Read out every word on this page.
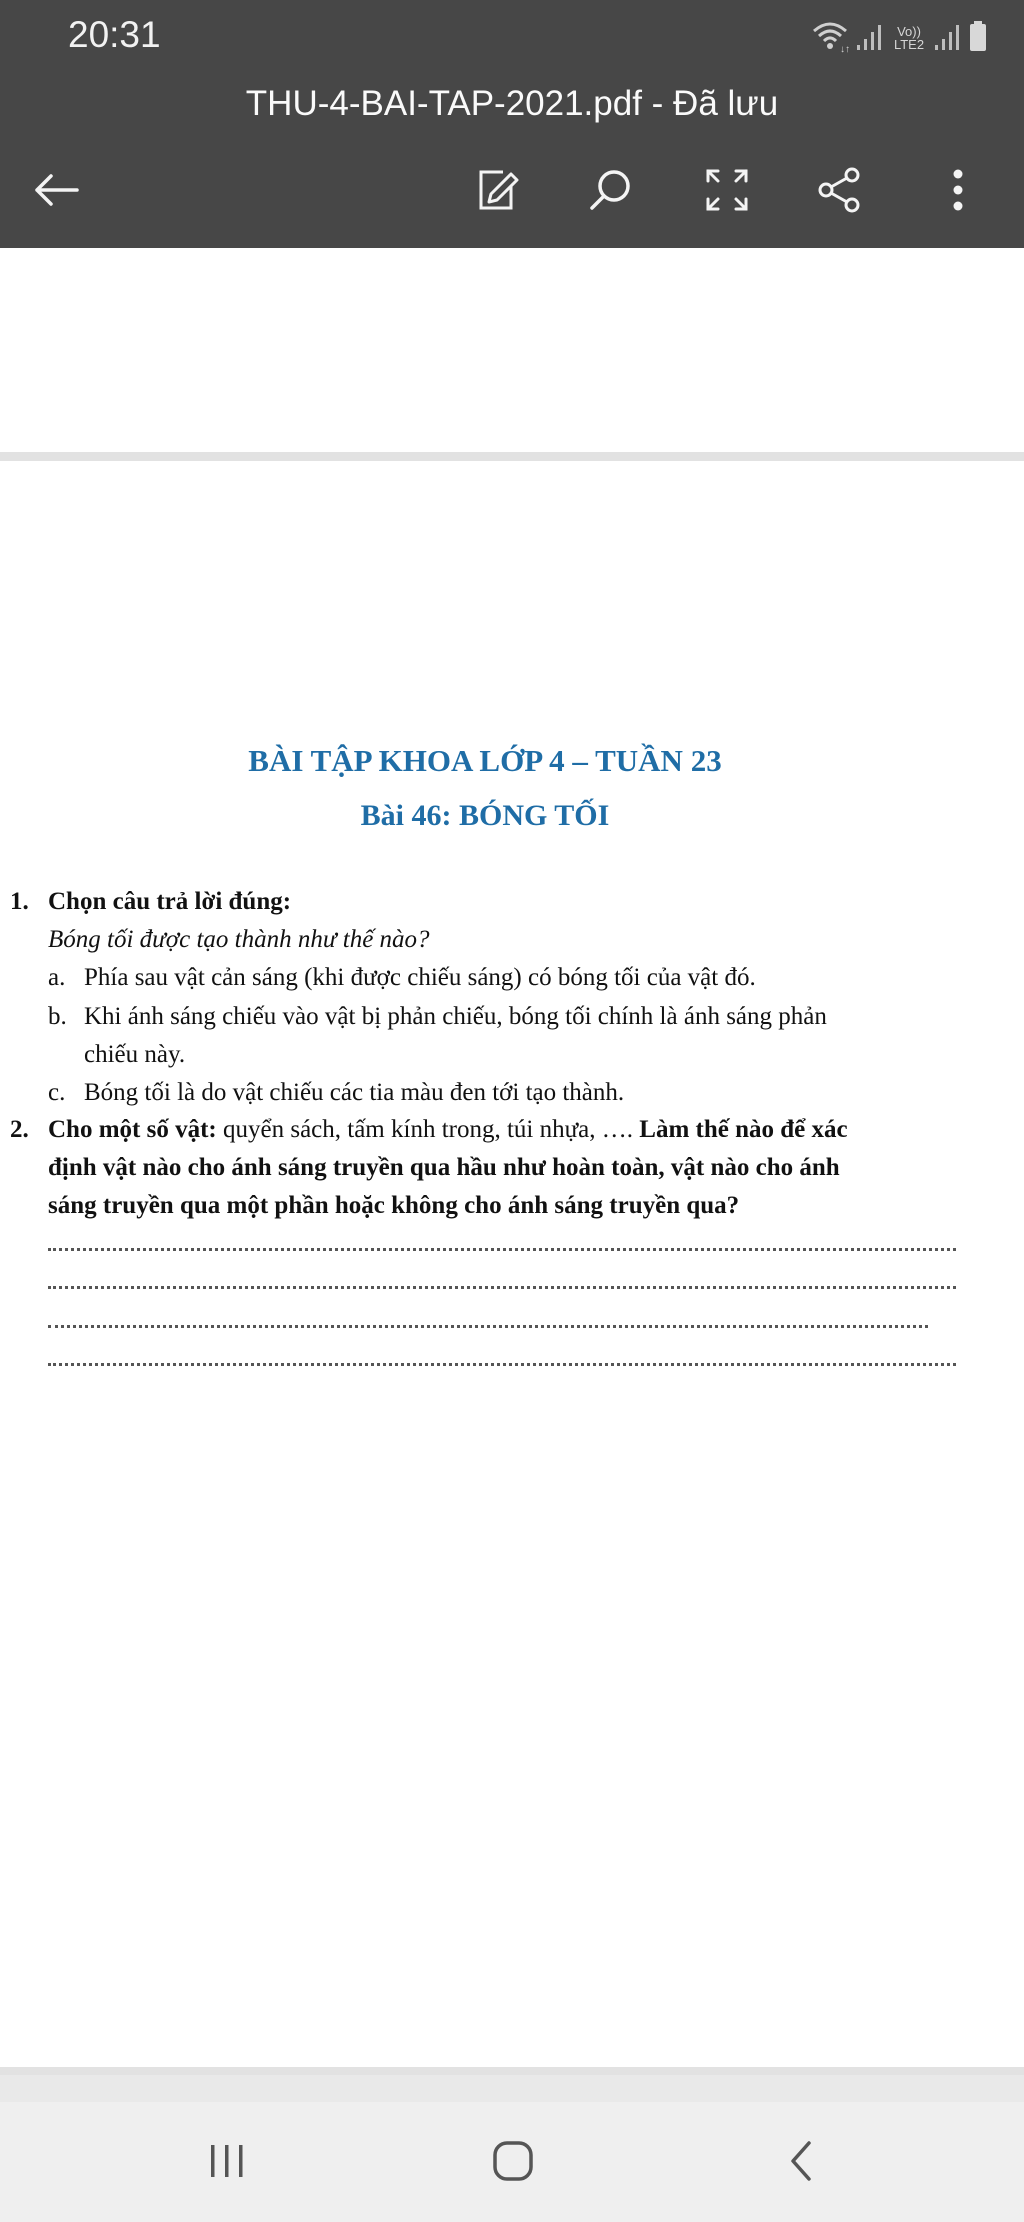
20:31	↓↑
Vo))
LTE2
THU-4-BAI-TAP-2021.pdf - Đã lưu
BÀI TẬP KHOA LỚP 4 – TUẦN 23
Bài 46: BÓNG TỐI
1. Chọn câu trả lời đúng:
Bóng tối được tạo thành như thế nào?
a. Phía sau vật cản sáng (khi được chiếu sáng) có bóng tối của vật đó.
b. Khi ánh sáng chiếu vào vật bị phản chiếu, bóng tối chính là ánh sáng phản
chiếu này.
c. Bóng tối là do vật chiếu các tia màu đen tới tạo thành.
2. Cho một số vật: quyển sách, tấm kính trong, túi nhựa, …. Làm thế nào để xác
định vật nào cho ánh sáng truyền qua hầu như hoàn toàn, vật nào cho ánh
sáng truyền qua một phần hoặc không cho ánh sáng truyền qua?
